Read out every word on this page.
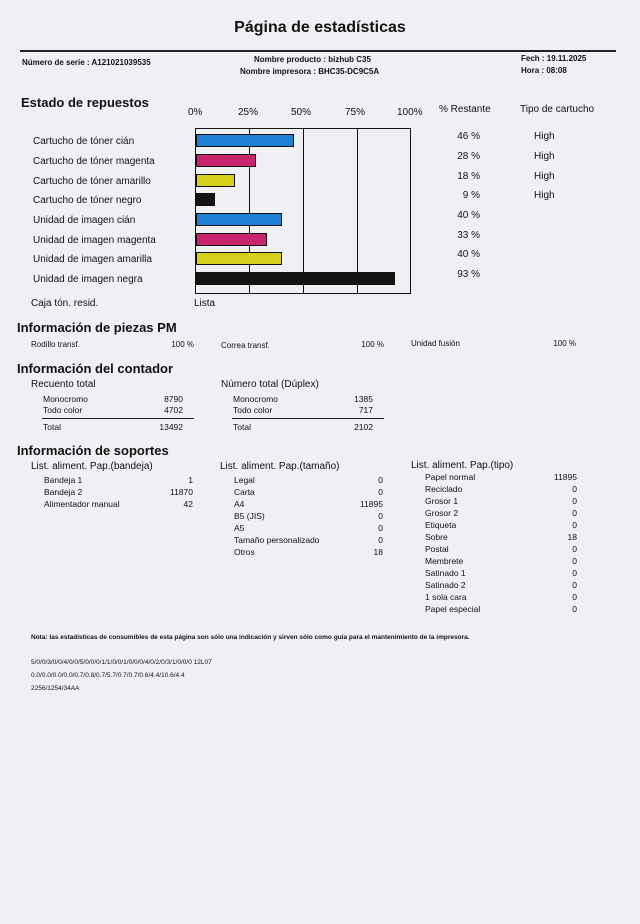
Página de estadísticas
Número de serie : A121021039535	Nombre producto : bizhub C35
Nombre impresora : BHC35-DC9C5A
Fech : 19.11.2025
Hora : 08:08
Estado de repuestos
0%	25%	50%	75%	100% % Restante	Tipo de cartucho
Cartucho de tóner cián	46 %	High
Cartucho de tóner magenta	28 %	High
Cartucho de tóner amarillo	18 %	High
Cartucho de tóner negro	9 %	High
Unidad de imagen cián	40 %
Unidad de imagen magenta	33 %
Unidad de imagen amarilla	40 %
Unidad de imagen negra	93 %
Caja tón. resid.	Lista
Información de piezas PM
Rodillo transf.	100 %	Correa transf.	100 %	Unidad fusión	100 %
Información del contador
Recuento total	Número total (Dúplex)
Monocromo	8790	Monocromo	1385
Todo color	4702	Todo color	717
Total	13492	Total	2102
Información de soportes
List. aliment. Pap.(bandeja)	List. aliment. Pap.(tamaño)	List. aliment. Pap.(tipo)
Bandeja 1	1
Bandeja 2	11870
Alimentador manual	42
Legal	0
Carta	0
A4	11895
B5 (JIS)	0
A5	0
Tamaño personalizado	0
Otros	18
Papel normal	11895
Reciclado	0
Grosor 1	0
Grosor 2	0
Etiqueta	0
Sobre	18
Postal	0
Membrete	0
Satinado 1	0
Satinado 2	0
1 sola cara	0
Papel especial	0
Nota: las estadísticas de consumibles de esta página son sólo una indicación y sirven sólo como guía para el mantenimiento de la impresora.
5/0/0/3/0/0/4/0/0/5/0/0/0/1/1/0/0/1/0/0/0/4/0/2/0/3/1/0/0/0 12L07
0.0/0.0/0.0/0.0/0.7/0.8/0.7/5.7/0.7/0.7/0.6/4.4/10.6/4.4
2256/1254/34AA
